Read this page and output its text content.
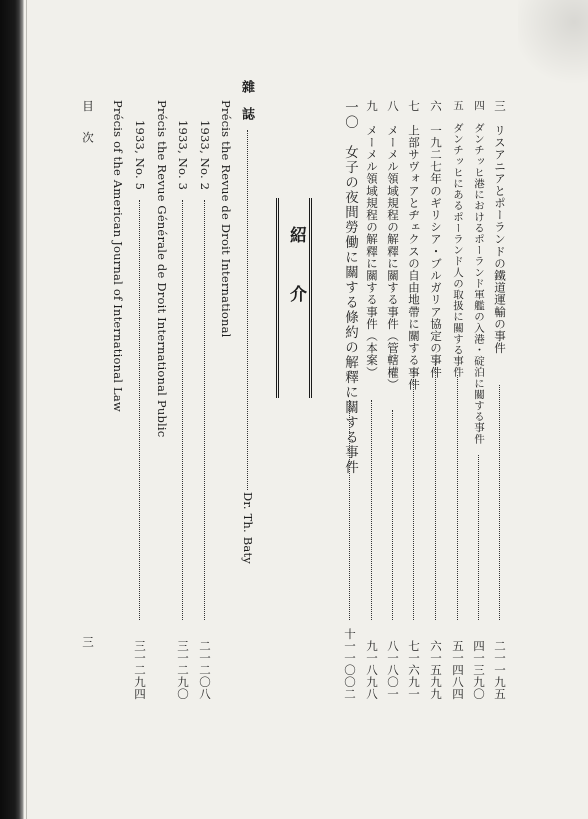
三　リスアニアとポーランドの鐵道運輸の事件
二一一九五
四　ダンチッヒ港におけるポーランド軍艦の入港・碇泊に關する事件
四一三九〇
五　ダンチッヒにあるポーランド人の取扱に關する事件
五一四八四
六　一九二七年のギリシア・ブルガリア協定の事件
六一五九九
七　上部サヴォアとヂェクスの自由地帶に關する事件
七一六九一
八　メーメル領域規程の解釋に關する事件（管轄權）
八一八〇一
九　メーメル領域規程の解釋に關する事件（本案）
九一八九八
一〇　女子の夜間勞働に關する條約の解釋に關する事件
十一一〇〇二
紹介
雜誌
Dr. Th. Baty
Précis the Revue de Droit International
1933, No. 2
二一二〇八
1933, No. 3
三一二九〇
Précis the Revue Générale de Droit International Public
1933, No. 5
三一二九四
Précis of the American Journal of International Law
目次
三
